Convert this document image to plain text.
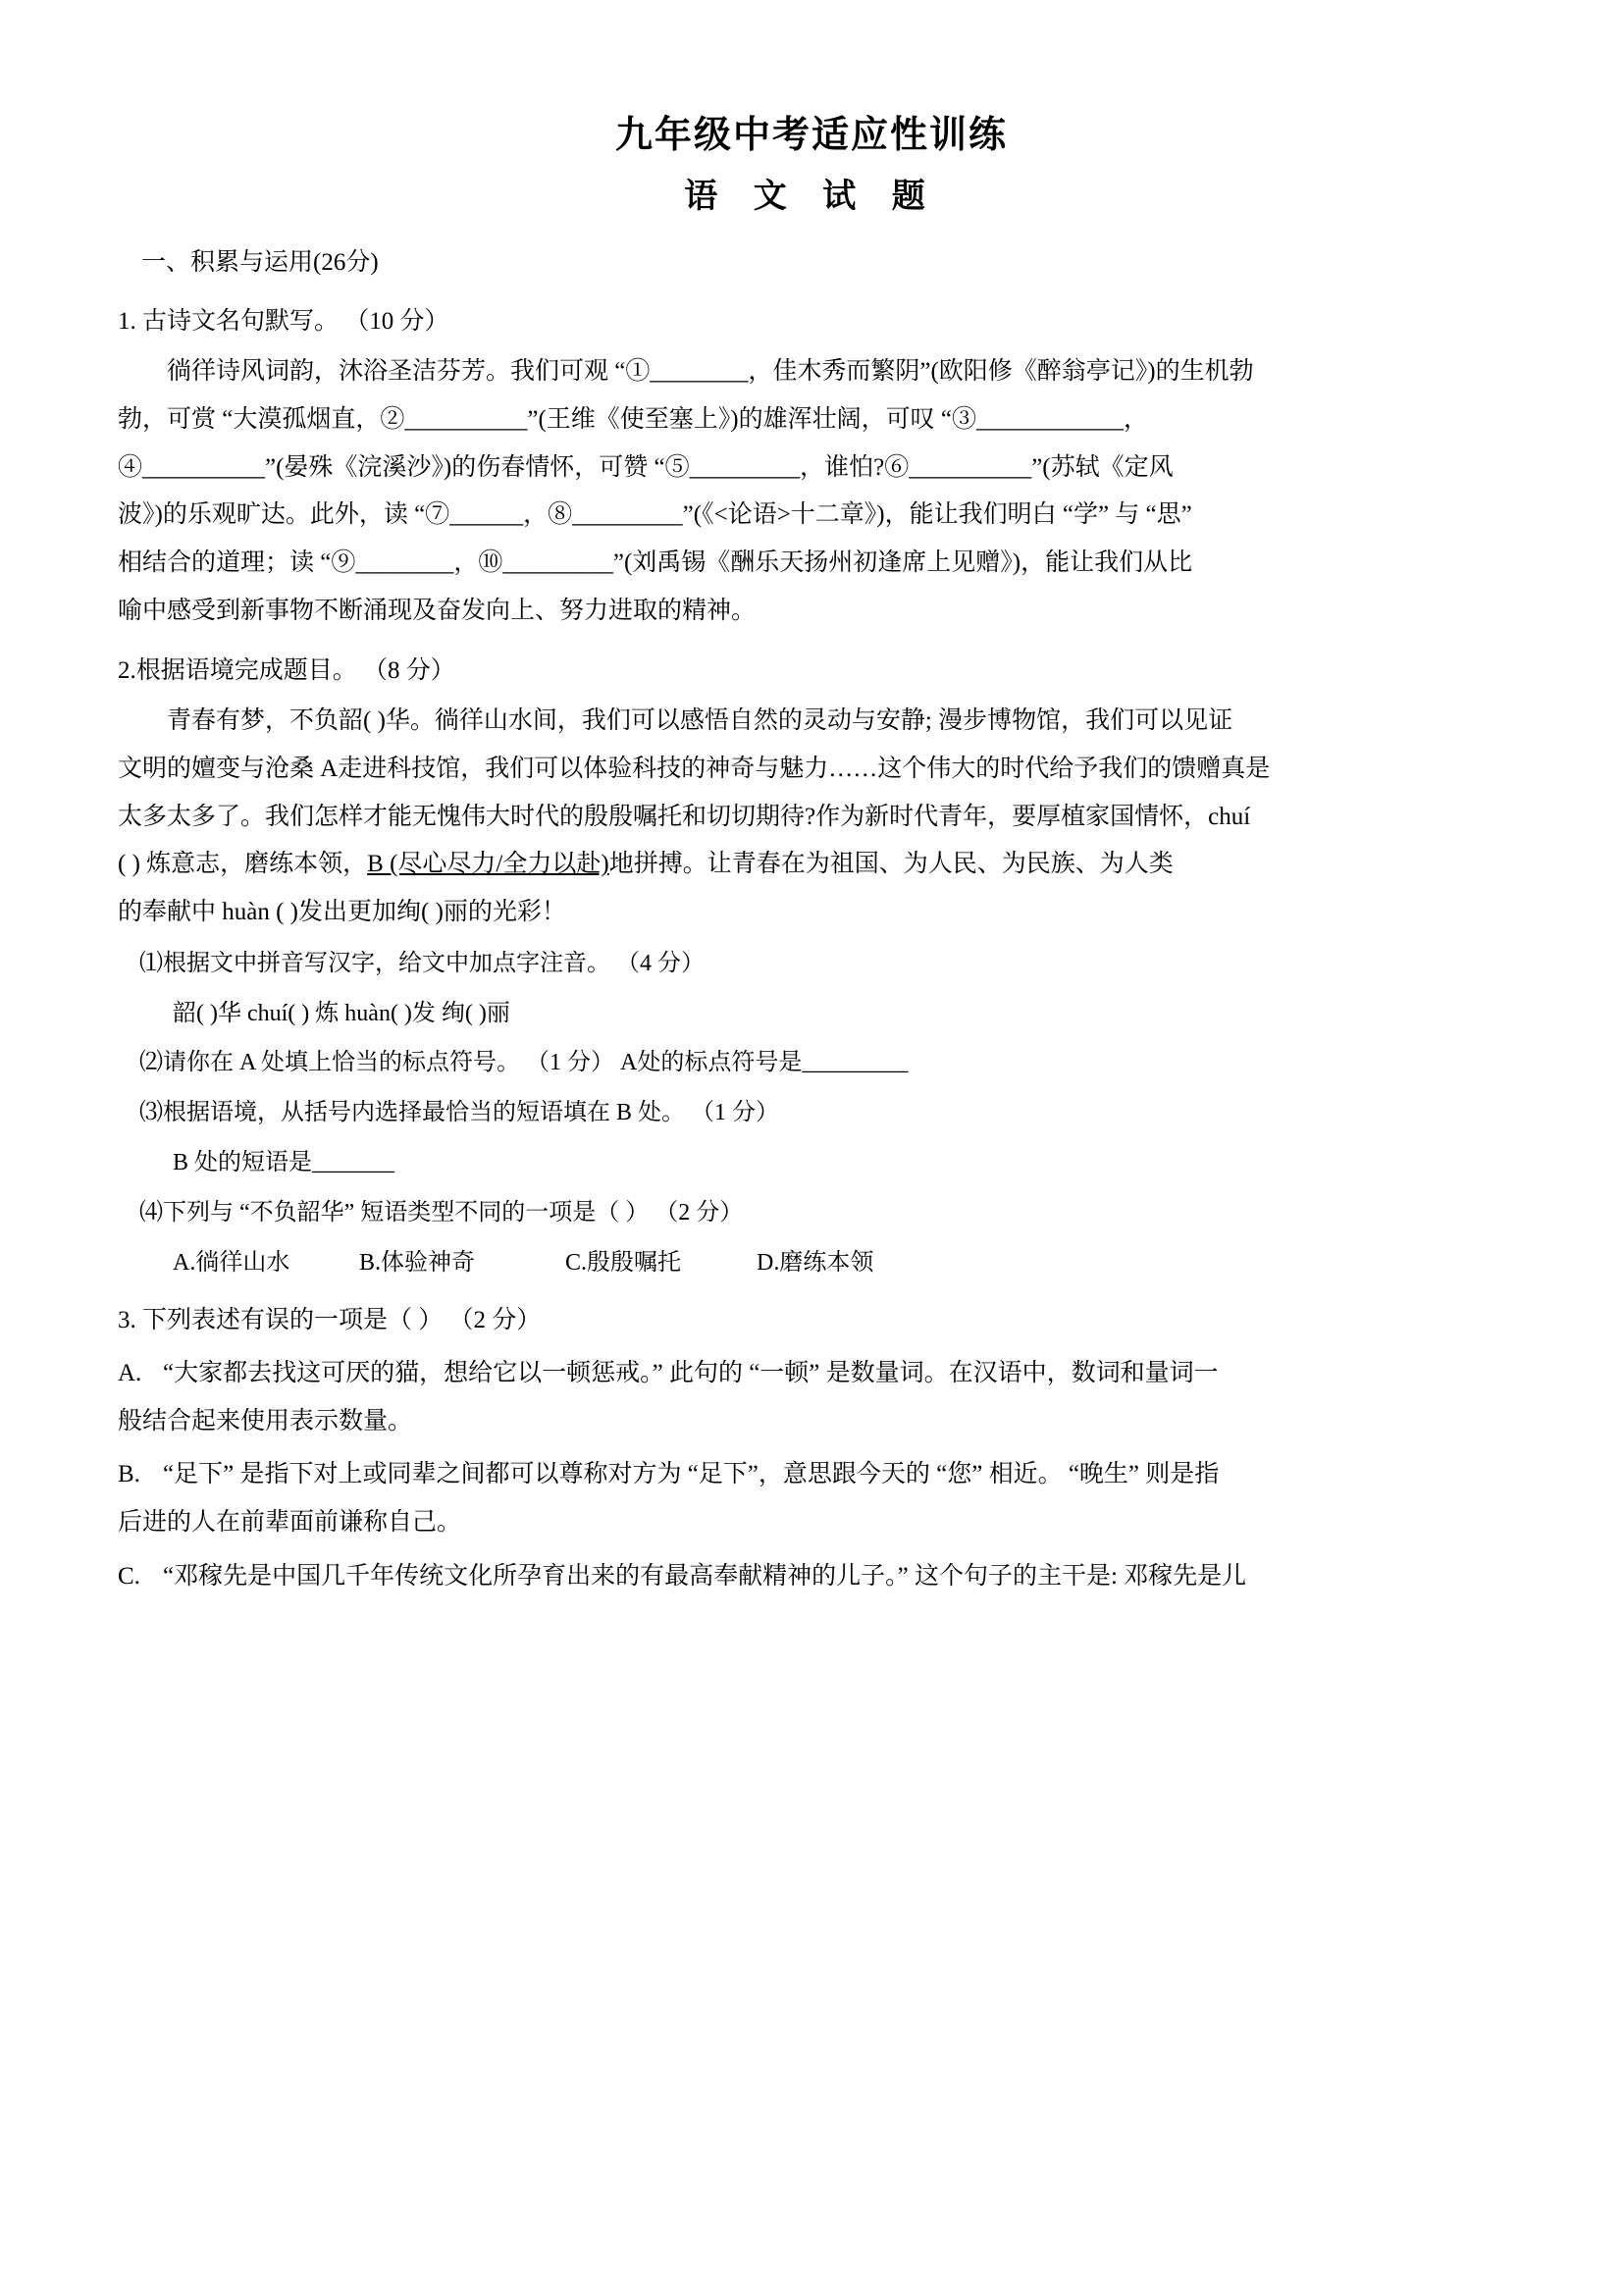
九年级中考适应性训练
语 文 试 题
一、积累与运用(26分)
1. 古诗文名句默写。 （10 分）
徜徉诗风词韵，沐浴圣洁芬芳。我们可观 “①________，佳木秀而繁阴”(欧阳修《醉翁亭记》)的生机勃
勃，可赏 “大漠孤烟直，②__________”(王维《使至塞上》)的雄浑壮阔，可叹 “③____________，
④__________”(晏殊《浣溪沙》)的伤春情怀，可赞 “⑤_________，谁怕?⑥__________”(苏轼《定风
波》)的乐观旷达。此外，读 “⑦______，⑧_________”(《<论语>十二章》)，能让我们明白 “学” 与 “思”
相结合的道理；读 “⑨________，⑩_________”(刘禹锡《酬乐天扬州初逢席上见赠》)，能让我们从比
喻中感受到新事物不断涌现及奋发向上、努力进取的精神。
2.根据语境完成题目。 （8 分）
青春有梦，不负韶( )华。徜徉山水间，我们可以感悟自然的灵动与安静; 漫步博物馆，我们可以见证
文明的嬗变与沧桑 A走进科技馆，我们可以体验科技的神奇与魅力……这个伟大的时代给予我们的馈赠真是
太多太多了。我们怎样才能无愧伟大时代的殷殷嘱托和切切期待?作为新时代青年，要厚植家国情怀，chuí
( ) 炼意志，磨练本领，B (尽心尽力/全力以赴)地拼搏。让青春在为祖国、为人民、为民族、为人类
的奉献中 huàn ( )发出更加绚( )丽的光彩！
⑴根据文中拼音写汉字，给文中加点字注音。 （4 分）
韶( )华 chuí( ) 炼 huàn( )发 绚( )丽
⑵请你在 A 处填上恰当的标点符号。 （1 分） A处的标点符号是_________
⑶根据语境，从括号内选择最恰当的短语填在 B 处。 （1 分）
B 处的短语是_______
⑷下列与 “不负韶华” 短语类型不同的一项是（ ） （2 分）
A.徜徉山水	B.体验神奇	C.殷殷嘱托	D.磨练本领
3. 下列表述有误的一项是（ ） （2 分）
A. “大家都去找这可厌的猫，想给它以一顿惩戒。” 此句的 “一顿” 是数量词。在汉语中，数词和量词一
般结合起来使用表示数量。
B. “足下” 是指下对上或同辈之间都可以尊称对方为 “足下”，意思跟今天的 “您” 相近。 “晚生” 则是指
后进的人在前辈面前谦称自己。
C. “邓稼先是中国几千年传统文化所孕育出来的有最高奉献精神的儿子。” 这个句子的主干是: 邓稼先是儿
